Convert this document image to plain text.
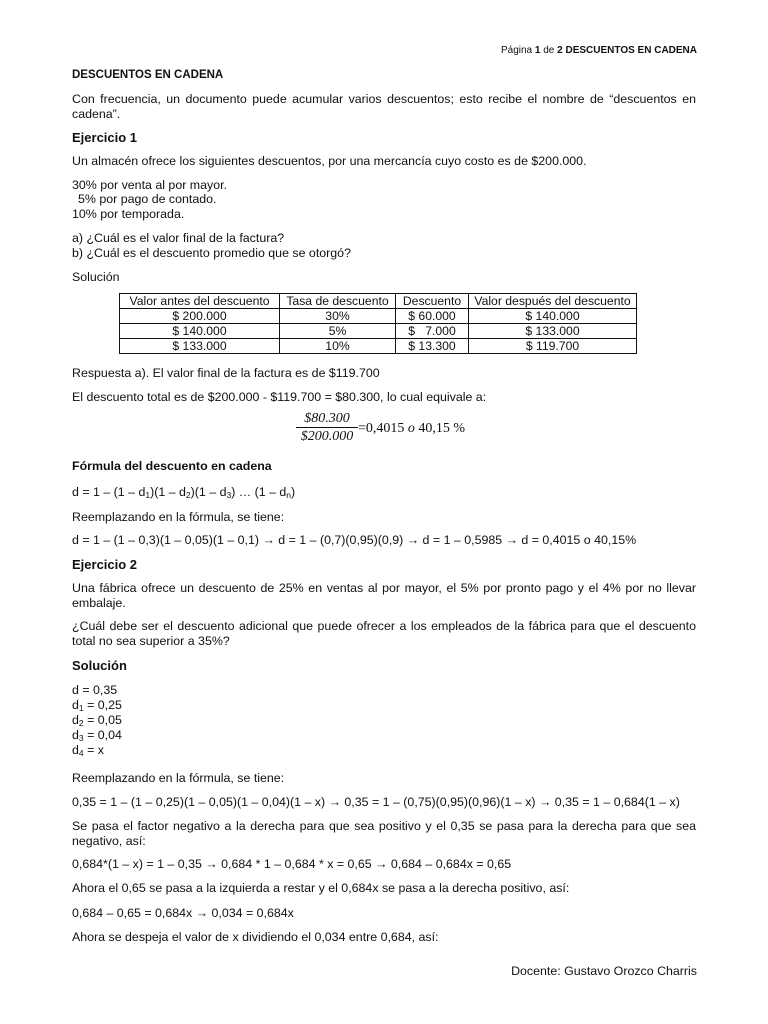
Página 1 de 2 DESCUENTOS EN CADENA
DESCUENTOS EN CADENA
Con frecuencia, un documento puede acumular varios descuentos; esto recibe el nombre de “descuentos en cadena”.
Ejercicio 1
Un almacén ofrece los siguientes descuentos, por una mercancía cuyo costo es de $200.000.
30% por venta al por mayor.
5% por pago de contado.
10% por temporada.
a) ¿Cuál es el valor final de la factura?
b) ¿Cuál es el descuento promedio que se otorgó?
Solución
Valor antes del descuento	Tasa de descuento	Descuento	Valor después del descuento
$ 200.000	30%	$ 60.000	$ 140.000
$ 140.000	5%	$   7.000	$ 133.000
$ 133.000	10%	$ 13.300	$ 119.700
Respuesta a). El valor final de la factura es de $119.700
El descuento total es de $200.000 - $119.700 = $80.300, lo cual equivale a:
$80.300
$200.000
=0,4015 o 40,15 %
Fórmula del descuento en cadena
$d = 1 - (1 - d_1)(1 - d_2)(1 - d_3)$ … $(1 - d_n)$
Reemplazando en la fórmula, se tiene:
d = 1 – (1 – 0,3)(1 – 0,05)(1 – 0,1) → d = 1 – (0,7)(0,95)(0,9) → d = 1 – 0,5985 → d = 0,4015 o 40,15%
Ejercicio 2
Una fábrica ofrece un descuento de 25% en ventas al por mayor, el 5% por pronto pago y el 4% por no llevar embalaje.
¿Cuál debe ser el descuento adicional que puede ofrecer a los empleados de la fábrica para que el descuento total no sea superior a 35%?
Solución
d = 0,35
$d_1 = 0,25$
$d_2 = 0,05$
$d_3 = 0,04$
$d_4 = x$
Reemplazando en la fórmula, se tiene:
0,35 = 1 – (1 – 0,25)(1 – 0,05)(1 – 0,04)(1 – x) → 0,35 = 1 – (0,75)(0,95)(0,96)(1 – x) → 0,35 = 1 – 0,684(1 – x)
Se pasa el factor negativo a la derecha para que sea positivo y el 0,35 se pasa para la derecha para que sea negativo, así:
0,684*(1 – x) = 1 – 0,35 → 0,684 * 1 – 0,684 * x = 0,65 → 0,684 – 0,684x = 0,65
Ahora el 0,65 se pasa a la izquierda a restar y el 0,684x se pasa a la derecha positivo, así:
0,684 – 0,65 = 0,684x → 0,034 = 0,684x
Ahora se despeja el valor de x dividiendo el 0,034 entre 0,684, así:
Docente: Gustavo Orozco Charris
